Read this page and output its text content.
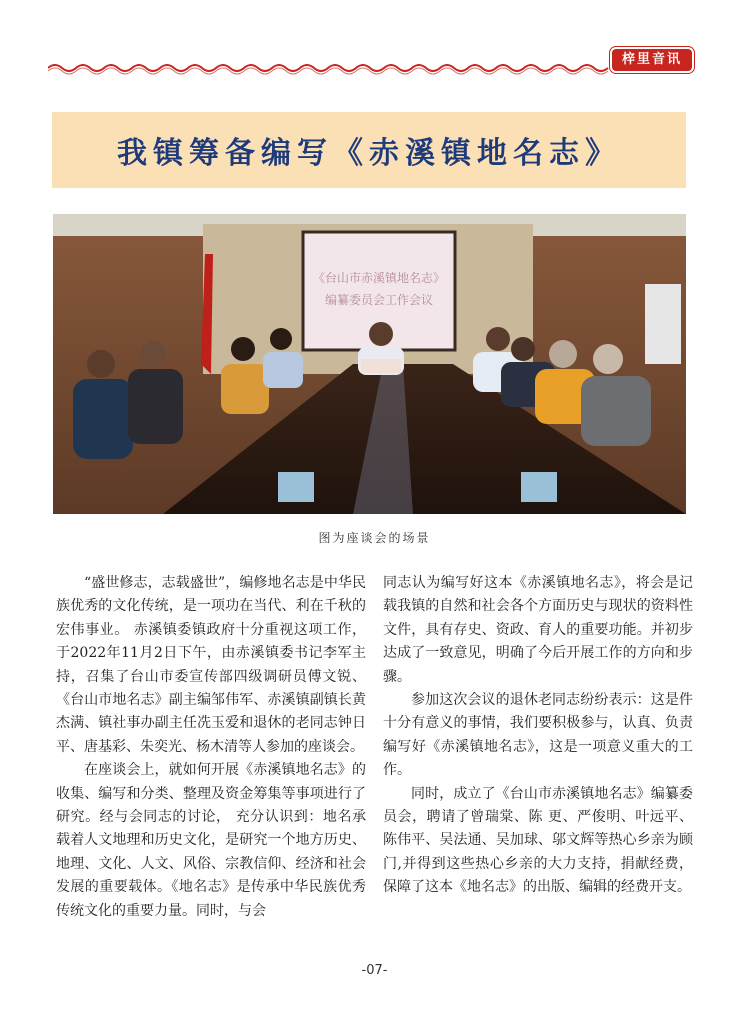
梓里音讯
我镇筹备编写《赤溪镇地名志》
《台山市赤溪镇地名志》
编纂委员会工作会议
图为座谈会的场景

“盛世修志，志载盛世”，编修地名志是中华民族优秀的文化传统，是一项功在当代、利在千秋的宏伟事业。 赤溪镇委镇政府十分重视这项工作，于2022年11月2日下午，由赤溪镇委书记李军主持，召集了台山市委宣传部四级调研员傅文锐、《台山市地名志》副主编邹伟军、赤溪镇副镇长黄杰满、镇社事办副主任冼玉爱和退休的老同志钟日平、唐基彩、朱奕光、杨木清等人参加的座谈会。

在座谈会上，就如何开展《赤溪镇地名志》的收集、编写和分类、整理及资金筹集等事项进行了研究。经与会同志的讨论， 充分认识到：地名承载着人文地理和历史文化，是研究一个地方历史、地理、文化、人文、风俗、宗教信仰、经济和社会发展的重要载体。《地名志》是传承中华民族优秀传统文化的重要力量。同时，与会

同志认为编写好这本《赤溪镇地名志》，将会是记载我镇的自然和社会各个方面历史与现状的资料性文件，具有存史、资政、育人的重要功能。并初步达成了一致意见，明确了今后开展工作的方向和步骤。

参加这次会议的退休老同志纷纷表示：这是件十分有意义的事情，我们要积极参与，认真、负责编写好《赤溪镇地名志》，这是一项意义重大的工作。

同时，成立了《台山市赤溪镇地名志》编纂委员会，聘请了曾瑞棠、陈 更、严俊明、叶远平、陈伟平、吴法通、吴加球、邬文辉等热心乡亲为顾门,并得到这些热心乡亲的大力支持，捐献经费，保障了这本《地名志》的出版、编辑的经费开支。

-07-
